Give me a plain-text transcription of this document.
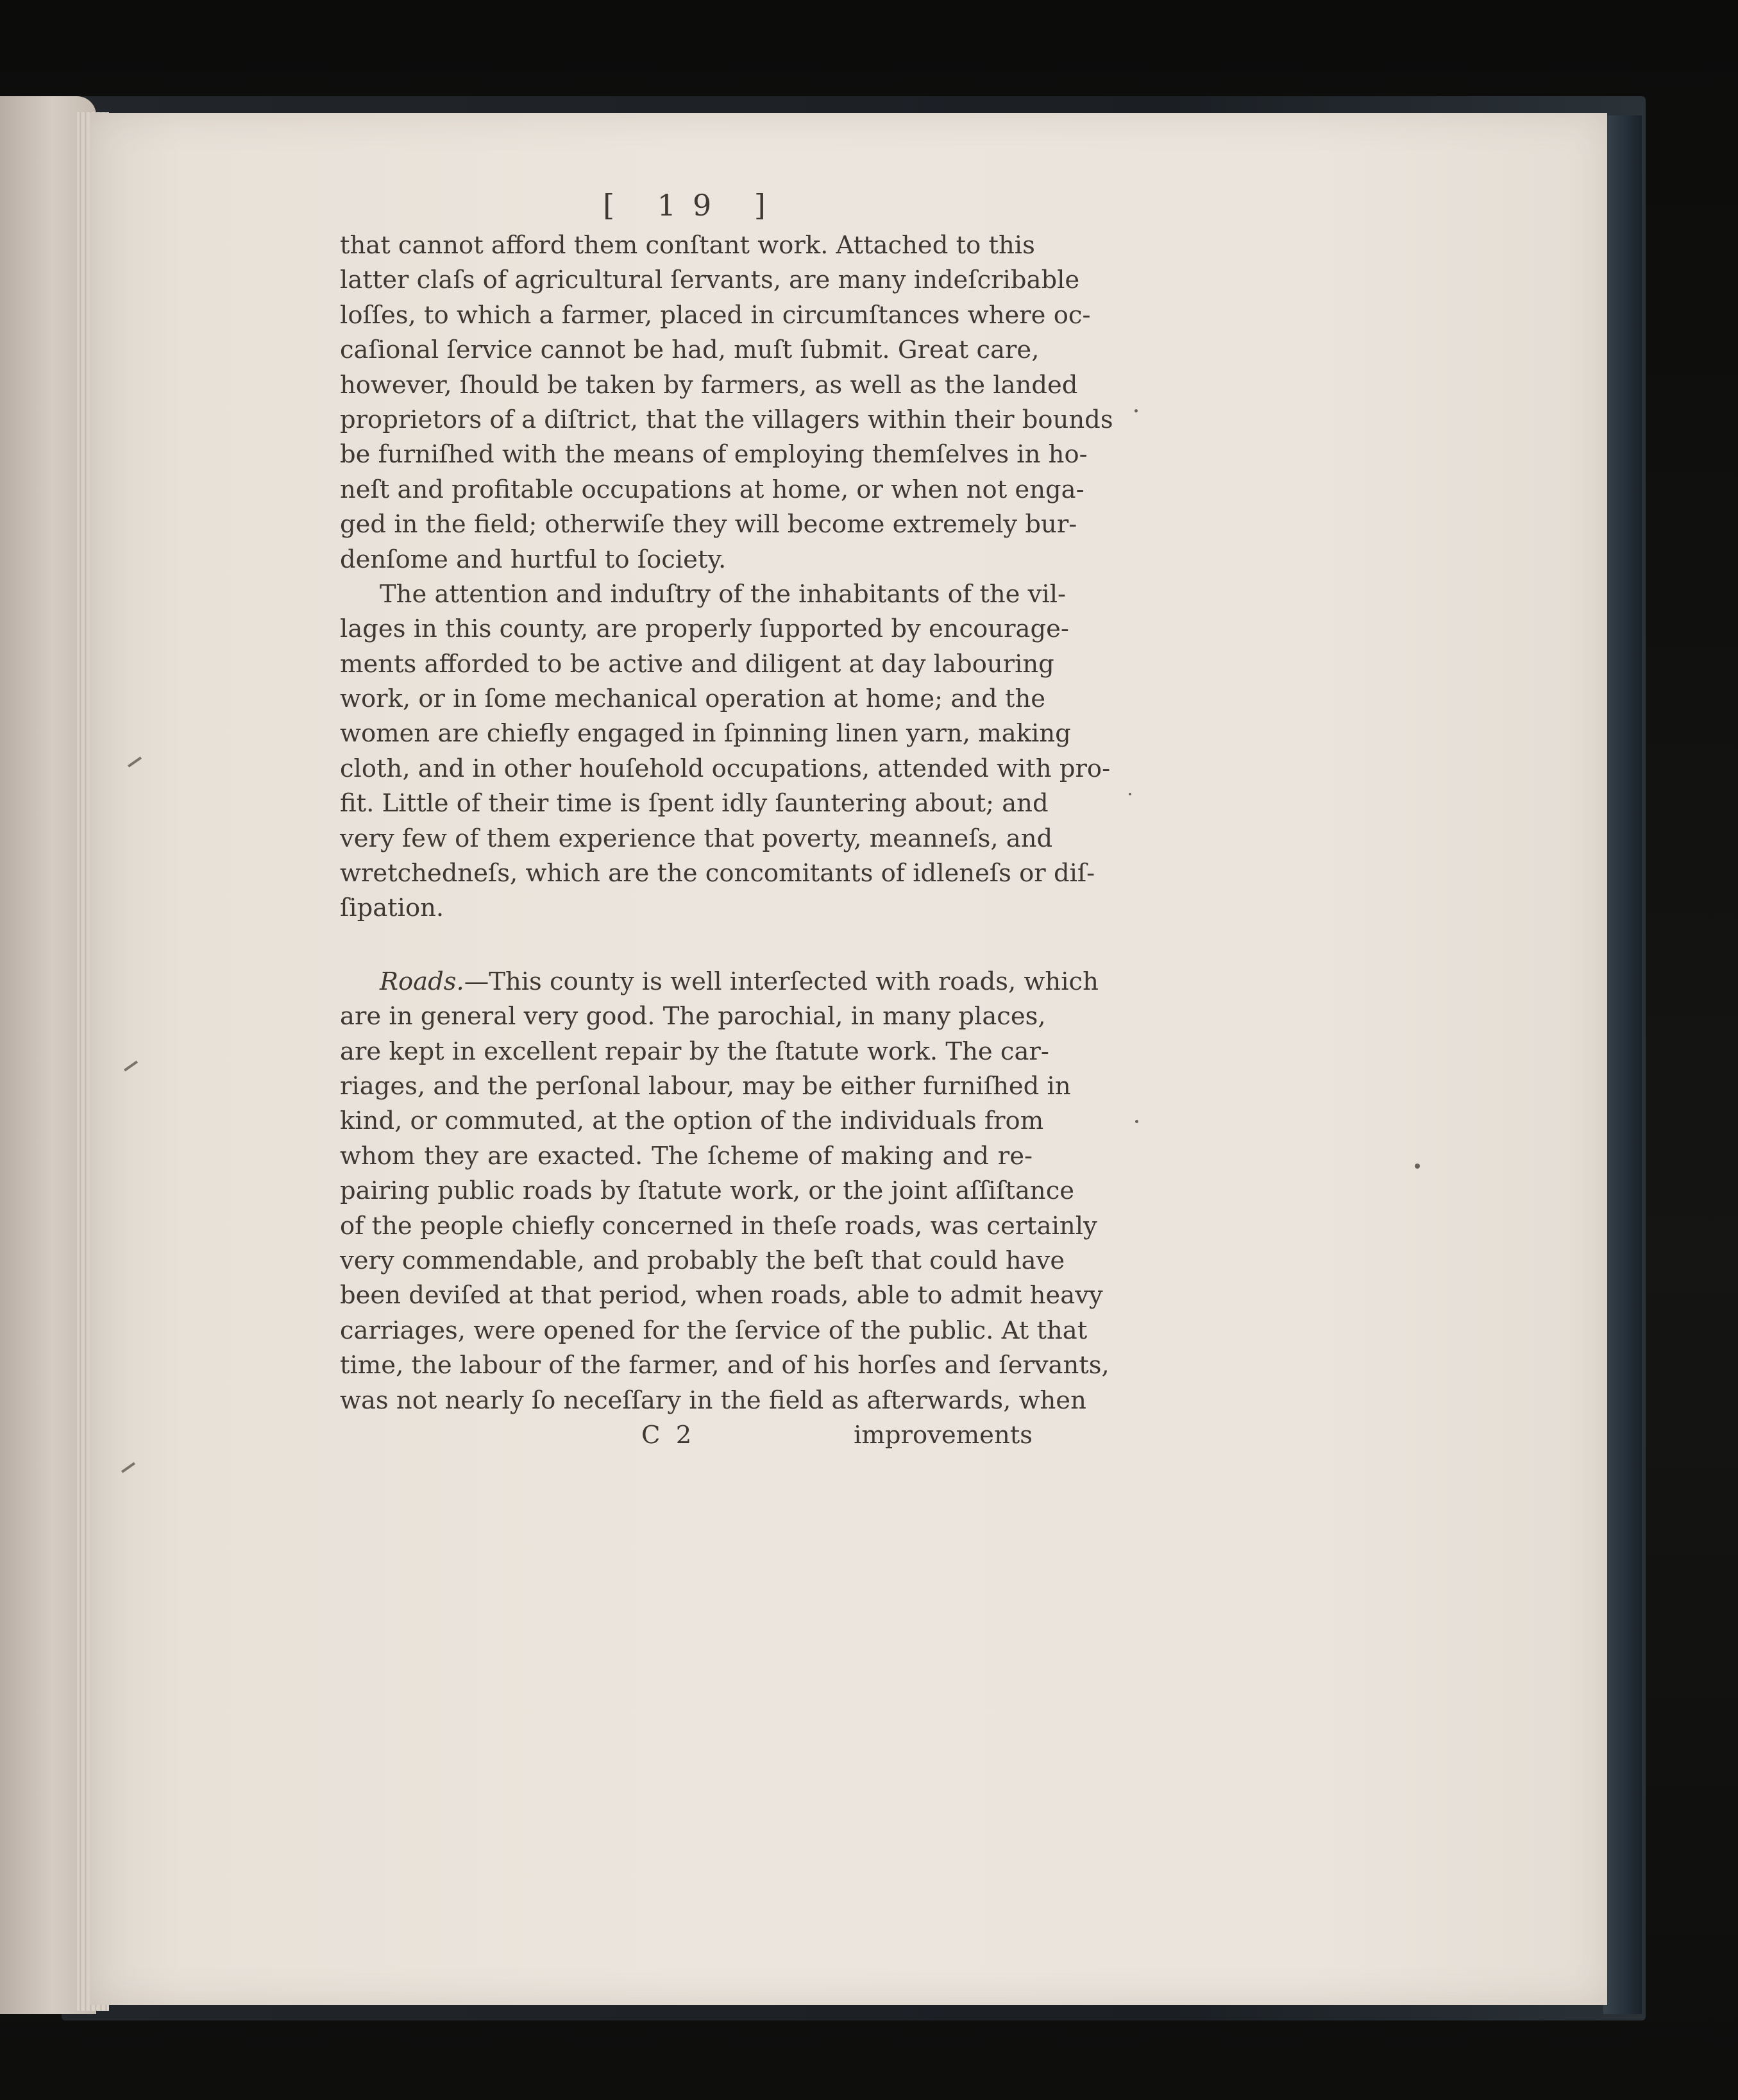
[ 19 ]
that cannot afford them conſtant work. Attached to this
latter claſs of agricultural ſervants, are many indeſcribable
loſſes, to which a farmer, placed in circumſtances where oc-
caſional ſervice cannot be had, muſt ſubmit. Great care,
however, ſhould be taken by farmers, as well as the landed
proprietors of a diſtrict, that the villagers within their bounds
be furniſhed with the means of employing themſelves in ho-
neſt and profitable occupations at home, or when not enga-
ged in the field; otherwiſe they will become extremely bur-
denſome and hurtful to ſociety.
The attention and induſtry of the inhabitants of the vil-
lages in this county, are properly ſupported by encourage-
ments afforded to be active and diligent at day labouring
work, or in ſome mechanical operation at home; and the
women are chiefly engaged in ſpinning linen yarn, making
cloth, and in other houſehold occupations, attended with pro-
fit. Little of their time is ſpent idly ſauntering about; and
very few of them experience that poverty, meanneſs, and
wretchedneſs, which are the concomitants of idleneſs or diſ-
ſipation.
Roads.—This county is well interſected with roads, which
are in general very good. The parochial, in many places,
are kept in excellent repair by the ſtatute work. The car-
riages, and the perſonal labour, may be either furniſhed in
kind, or commuted, at the option of the individuals from
whom they are exacted. The ſcheme of making and re-
pairing public roads by ſtatute work, or the joint aſſiſtance
of the people chiefly concerned in theſe roads, was certainly
very commendable, and probably the beſt that could have
been deviſed at that period, when roads, able to admit heavy
carriages, were opened for the ſervice of the public. At that
time, the labour of the farmer, and of his horſes and ſervants,
was not nearly ſo neceſſary in the field as afterwards, when
C 2	improvements
